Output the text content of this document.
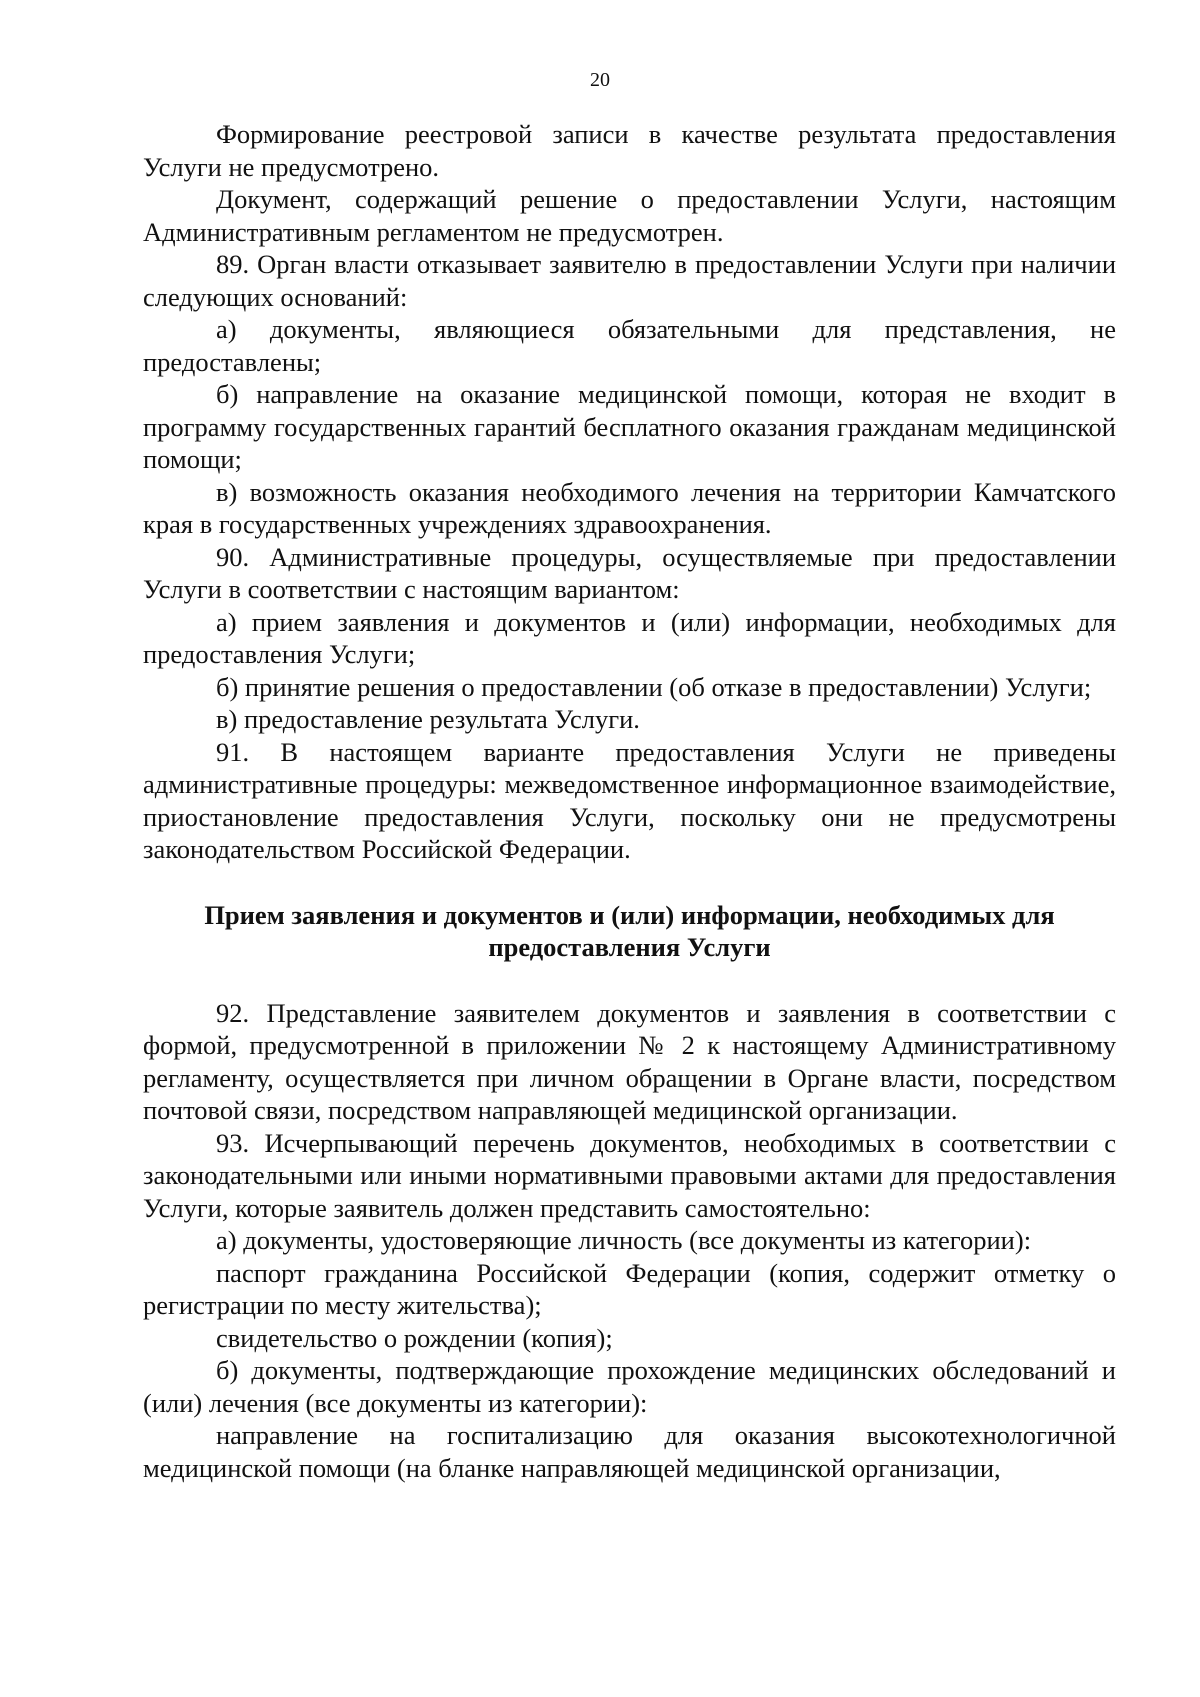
20

Формирование реестровой записи в качестве результата предоставления Услуги не предусмотрено.

Документ, содержащий решение о предоставлении Услуги, настоящим Административным регламентом не предусмотрен.

89. Орган власти отказывает заявителю в предоставлении Услуги при наличии следующих оснований:

а) документы, являющиеся обязательными для представления, не предоставлены;

б) направление на оказание медицинской помощи, которая не входит в программу государственных гарантий бесплатного оказания гражданам медицинской помощи;

в) возможность оказания необходимого лечения на территории Камчатского края в государственных учреждениях здравоохранения.

90. Административные процедуры, осуществляемые при предоставлении Услуги в соответствии с настоящим вариантом:

а) прием заявления и документов и (или) информации, необходимых для предоставления Услуги;

б) принятие решения о предоставлении (об отказе в предоставлении) Услуги;

в) предоставление результата Услуги.

91. В настоящем варианте предоставления Услуги не приведены административные процедуры: межведомственное информационное взаимодействие, приостановление предоставления Услуги, поскольку они не предусмотрены законодательством Российской Федерации.

Прием заявления и документов и (или) информации, необходимых для
предоставления Услуги

92. Представление заявителем документов и заявления в соответствии с формой, предусмотренной в приложении № 2 к настоящему Административному регламенту, осуществляется при личном обращении в Органе власти, посредством почтовой связи, посредством направляющей медицинской организации.

93. Исчерпывающий перечень документов, необходимых в соответствии с законодательными или иными нормативными правовыми актами для предоставления Услуги, которые заявитель должен представить самостоятельно:

а) документы, удостоверяющие личность (все документы из категории):

паспорт гражданина Российской Федерации (копия, содержит отметку о регистрации по месту жительства);

свидетельство о рождении (копия);

б) документы, подтверждающие прохождение медицинских обследований и (или) лечения (все документы из категории):

направление на госпитализацию для оказания высокотехнологичной медицинской помощи (на бланке направляющей медицинской организации,
